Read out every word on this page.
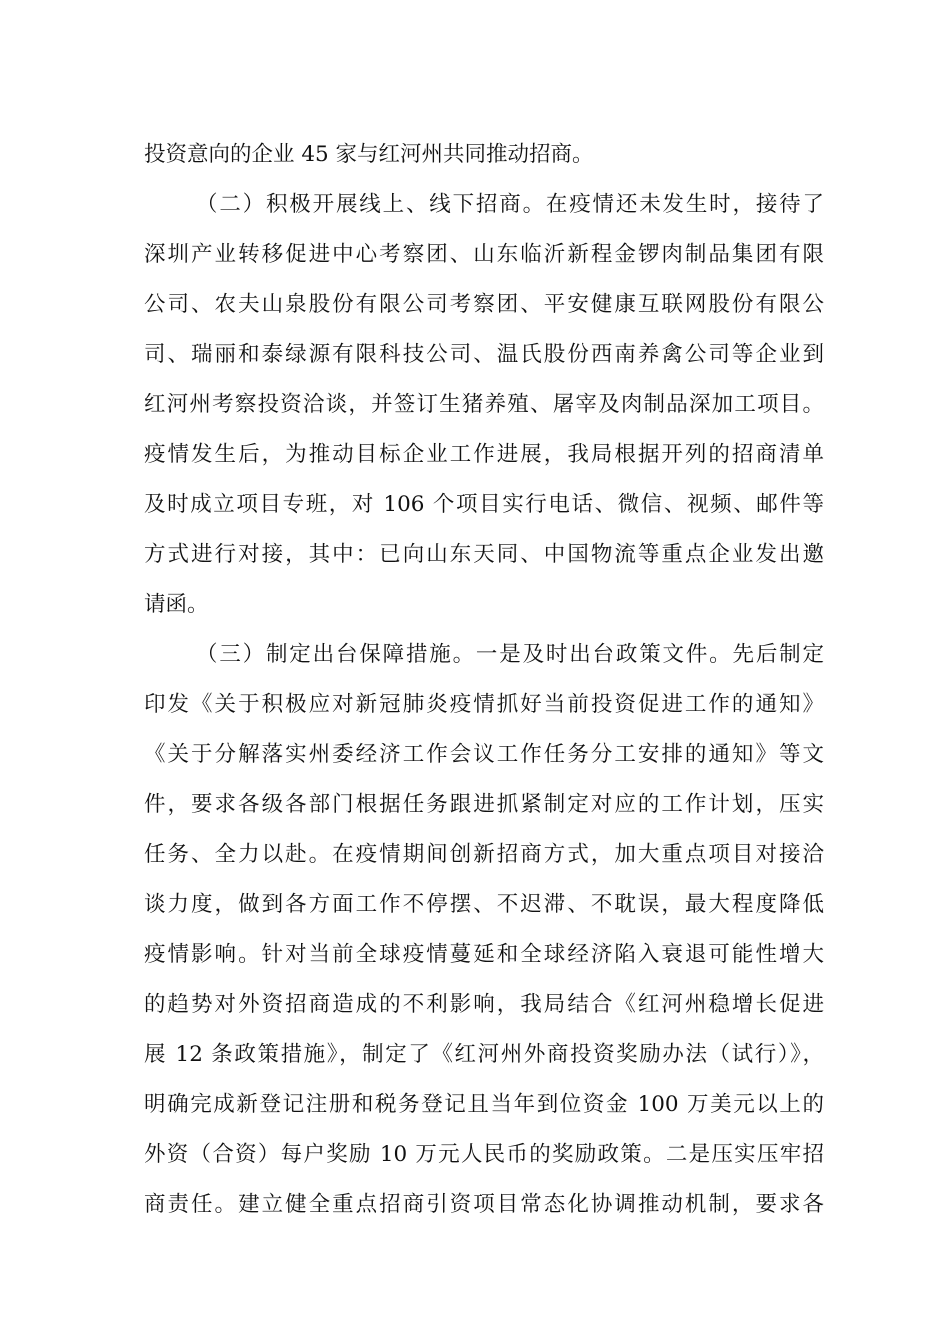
投资意向的企业 45 家与红河州共同推动招商。
（二）积极开展线上、线下招商。在疫情还未发生时，接待了
深圳产业转移促进中心考察团、山东临沂新程金锣肉制品集团有限
公司、农夫山泉股份有限公司考察团、平安健康互联网股份有限公
司、瑞丽和泰绿源有限科技公司、温氏股份西南养禽公司等企业到
红河州考察投资洽谈，并签订生猪养殖、屠宰及肉制品深加工项目。
疫情发生后，为推动目标企业工作进展，我局根据开列的招商清单
及时成立项目专班，对 106 个项目实行电话、微信、视频、邮件等
方式进行对接，其中：已向山东天同、中国物流等重点企业发出邀
请函。
（三）制定出台保障措施。一是及时出台政策文件。先后制定
印发《关于积极应对新冠肺炎疫情抓好当前投资促进工作的通知》
《关于分解落实州委经济工作会议工作任务分工安排的通知》等文
件，要求各级各部门根据任务跟进抓紧制定对应的工作计划，压实
任务、全力以赴。在疫情期间创新招商方式，加大重点项目对接洽
谈力度，做到各方面工作不停摆、不迟滞、不耽误，最大程度降低
疫情影响。针对当前全球疫情蔓延和全球经济陷入衰退可能性增大
的趋势对外资招商造成的不利影响，我局结合《红河州稳增长促进
展 12 条政策措施》，制定了《红河州外商投资奖励办法（试行）》，
明确完成新登记注册和税务登记且当年到位资金 100 万美元以上的
外资（合资）每户奖励 10 万元人民币的奖励政策。二是压实压牢招
商责任。建立健全重点招商引资项目常态化协调推动机制，要求各
